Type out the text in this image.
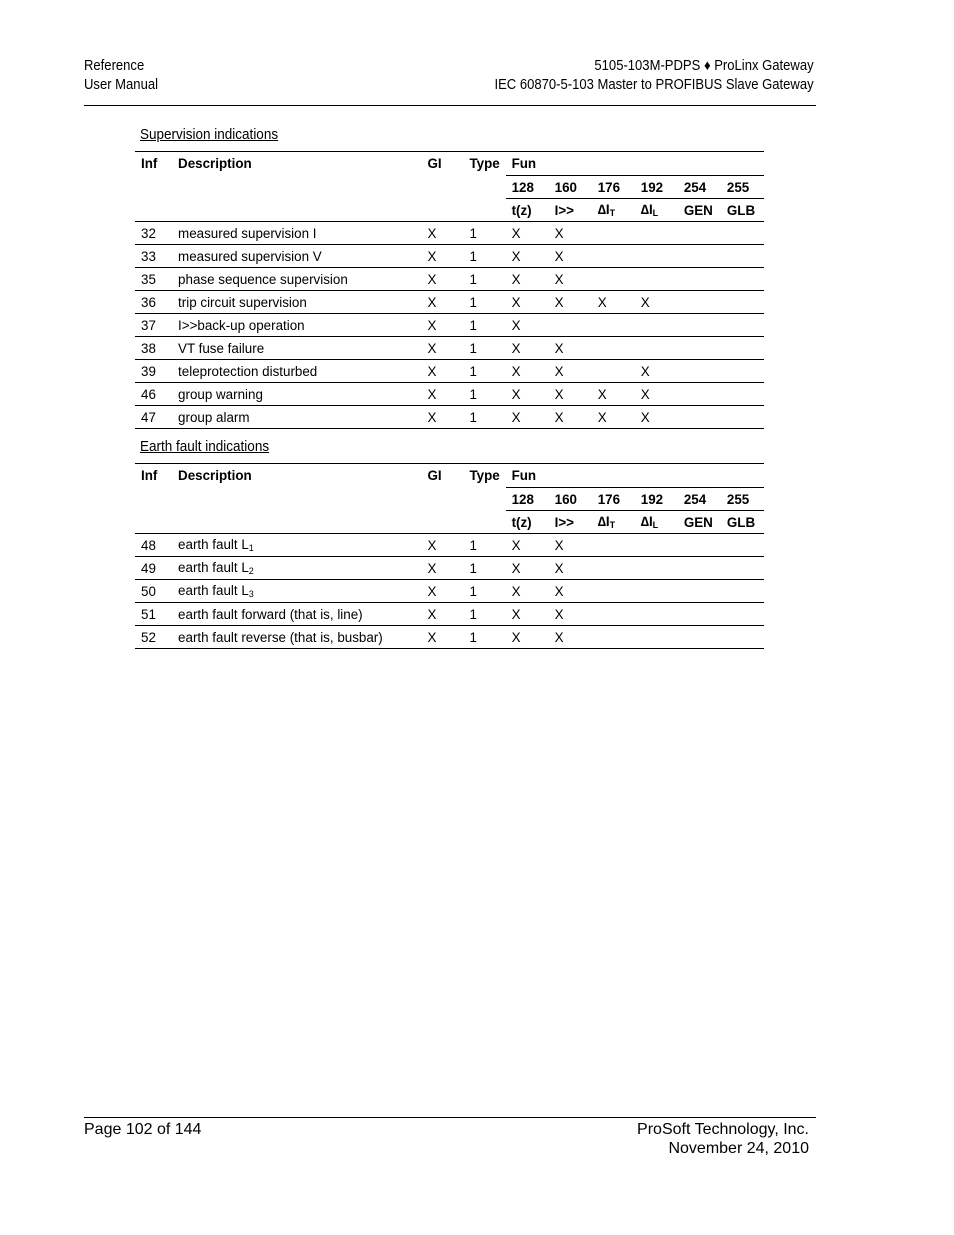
Reference
User Manual
5105-103M-PDPS ♦ ProLinx Gateway
IEC 60870-5-103 Master to PROFIBUS Slave Gateway
Supervision indications
Inf	Description	GI	Type	Fun					
				128	160	176	192	254	255
				t(z)	I>>	$\Delta I_T$	$\Delta I_L$	GEN	GLB
32	measured supervision I	X	1	X	X				
33	measured supervision V	X	1	X	X				
35	phase sequence supervision	X	1	X	X				
36	trip circuit supervision	X	1	X	X	X	X		
37	I>>back-up operation	X	1	X					
38	VT fuse failure	X	1	X	X				
39	teleprotection disturbed	X	1	X	X		X		
46	group warning	X	1	X	X	X	X		
47	group alarm	X	1	X	X	X	X		
Earth fault indications
Inf	Description	GI	Type	Fun					
				128	160	176	192	254	255
				t(z)	I>>	$\Delta I_T$	$\Delta I_L$	GEN	GLB
48	earth fault $L_1$	X	1	X	X				
49	earth fault $L_2$	X	1	X	X				
50	earth fault $L_3$	X	1	X	X				
51	earth fault forward (that is, line)	X	1	X	X				
52	earth fault reverse (that is, busbar)	X	1	X	X				
Page 102 of 144	ProSoft Technology, Inc.
November 24, 2010
